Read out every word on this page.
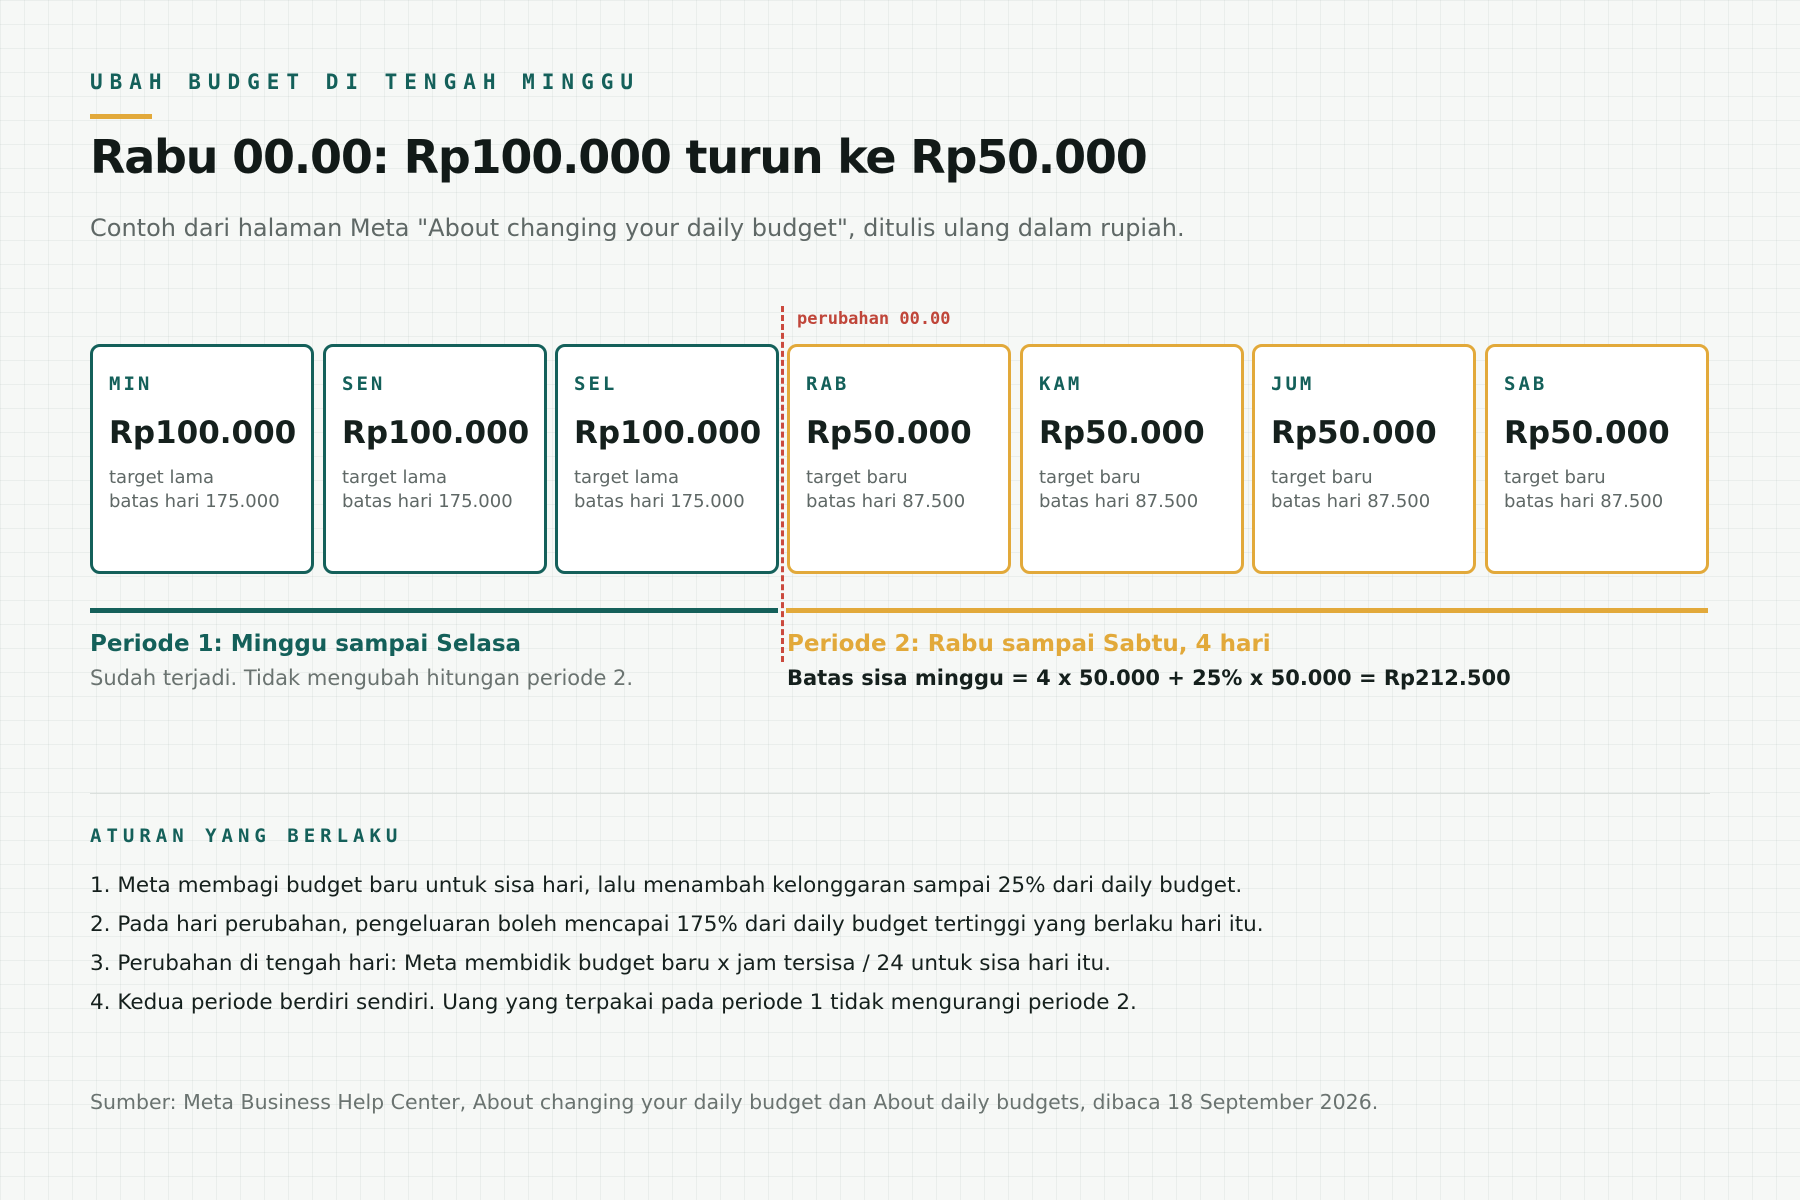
UBAH BUDGET DI TENGAH MINGGU
Rabu 00.00: Rp100.000 turun ke Rp50.000
Contoh dari halaman Meta "About changing your daily budget", ditulis ulang dalam rupiah.
perubahan 00.00
MIN
Rp100.000
target lama
batas hari 175.000
SEN
Rp100.000
target lama
batas hari 175.000
SEL
Rp100.000
target lama
batas hari 175.000
RAB
Rp50.000
target baru
batas hari 87.500
KAM
Rp50.000
target baru
batas hari 87.500
JUM
Rp50.000
target baru
batas hari 87.500
SAB
Rp50.000
target baru
batas hari 87.500
Periode 1: Minggu sampai Selasa	Periode 2: Rabu sampai Sabtu, 4 hari
Sudah terjadi. Tidak mengubah hitungan periode 2.	Batas sisa minggu = 4 x 50.000 + 25% x 50.000 = Rp212.500
ATURAN YANG BERLAKU
1. Meta membagi budget baru untuk sisa hari, lalu menambah kelonggaran sampai 25% dari daily budget.
2. Pada hari perubahan, pengeluaran boleh mencapai 175% dari daily budget tertinggi yang berlaku hari itu.
3. Perubahan di tengah hari: Meta membidik budget baru x jam tersisa / 24 untuk sisa hari itu.
4. Kedua periode berdiri sendiri. Uang yang terpakai pada periode 1 tidak mengurangi periode 2.
Sumber: Meta Business Help Center, About changing your daily budget dan About daily budgets, dibaca 18 September 2026.
